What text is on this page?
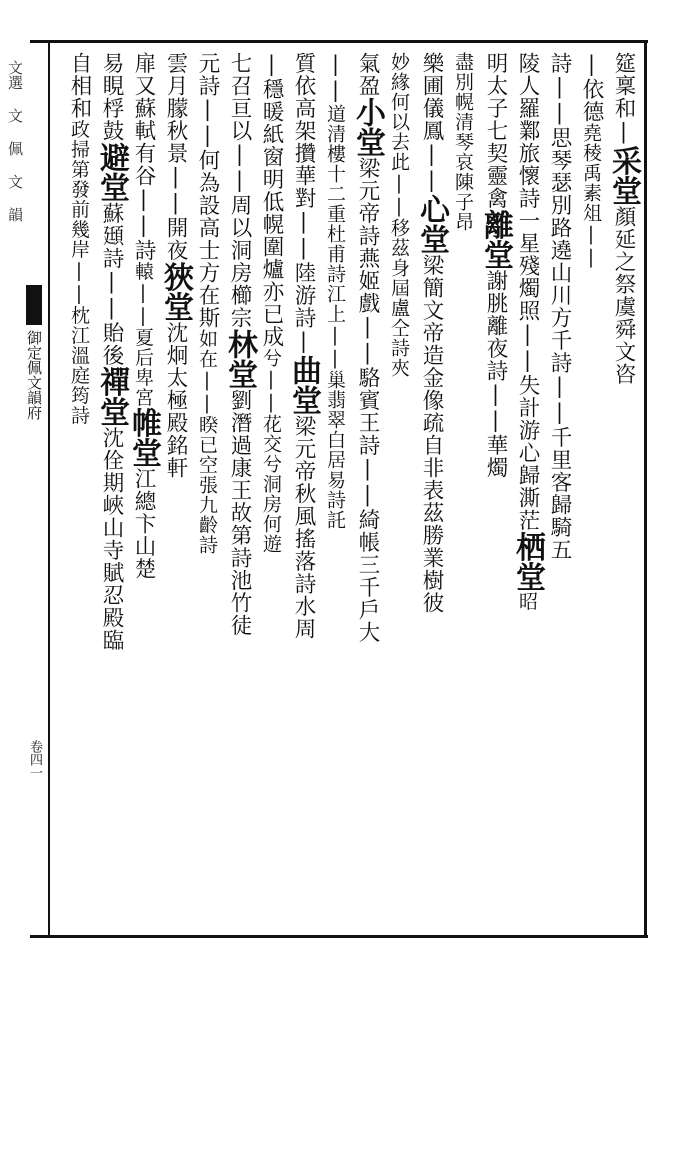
文選 文 佩 文 韻
御定佩文韻府
卷四一
筵稟和|采堂顏延之祭虞舜文咨
|依德堯稜禹素俎||
詩||思琴瑟別路遶山川方千詩||千里客歸騎五
陵人羅鄴旅懷詩一星殘燭照||失計游心歸澌茫栖堂昭
明太子七契靈禽離堂謝朓離夜詩||華燭
盡別幌清琴哀陳子昂
樂圃儀鳳||心堂梁簡文帝造金像疏自非表茲勝業樹彼
妙緣何以去此||移茲身屆盧仝詩夾
氣盈小堂梁元帝詩燕姬戲||駱賓王詩||綺帳三千戶大
||道清樓十二重杜甫詩江上||巢翡翠白居易詩託
質依高架攢華對||陸游詩|曲堂梁元帝秋風搖落詩水周
|穩暖紙窗明低幌圍爐亦已成兮||花交兮洞房何遊
七召亘以||周以洞房櫛宗林堂劉潛過康王故第詩池竹徒
元詩||何為設高士方在斯如在||睽已空張九齡詩
雲月朦秋景||開夜狹堂沈炯太極殿銘軒
扉又蘇軾有谷||詩轅||夏后卑宮帷堂江總卞山楚
易睍桴鼓避堂蘇頲詩||貽後禪堂沈佺期峽山寺賦忍殿臨
自相和政掃第發前幾岸||枕江溫庭筠詩
